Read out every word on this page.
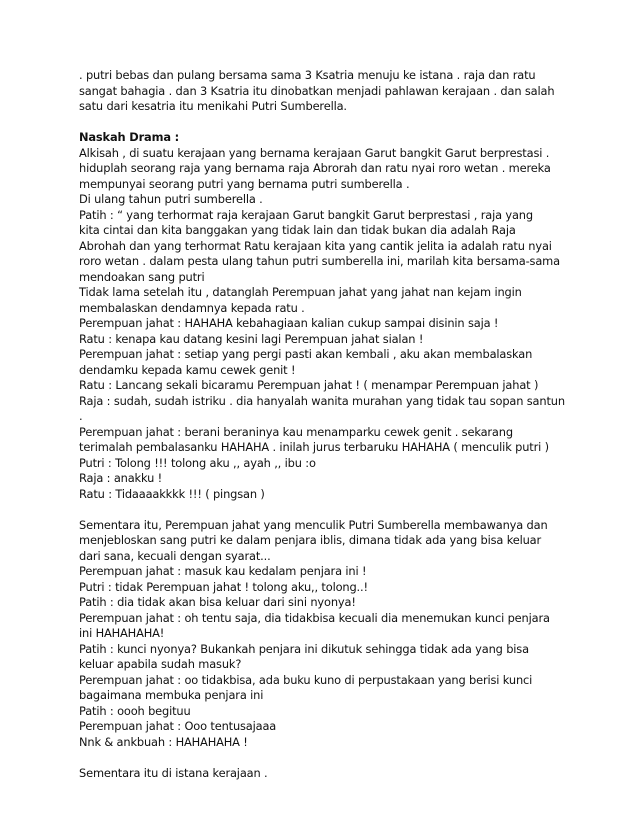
. putri bebas dan pulang bersama sama 3 Ksatria menuju ke istana . raja dan ratu
sangat bahagia . dan 3 Ksatria itu dinobatkan menjadi pahlawan kerajaan . dan salah
satu dari kesatria itu menikahi Putri Sumberella.
Naskah Drama :
Alkisah , di suatu kerajaan yang bernama kerajaan Garut bangkit Garut berprestasi .
hiduplah seorang raja yang bernama raja Abrorah dan ratu nyai roro wetan . mereka
mempunyai seorang putri yang bernama putri sumberella .
Di ulang tahun putri sumberella .
Patih : “ yang terhormat raja kerajaan Garut bangkit Garut berprestasi , raja yang
kita cintai dan kita banggakan yang tidak lain dan tidak bukan dia adalah Raja
Abrohah dan yang terhormat Ratu kerajaan kita yang cantik jelita ia adalah ratu nyai
roro wetan . dalam pesta ulang tahun putri sumberella ini, marilah kita bersama-sama
mendoakan sang putri
Tidak lama setelah itu , datanglah Perempuan jahat yang jahat nan kejam ingin
membalaskan dendamnya kepada ratu .
Perempuan jahat : HAHAHA kebahagiaan kalian cukup sampai disinin saja !
Ratu : kenapa kau datang kesini lagi Perempuan jahat sialan !
Perempuan jahat : setiap yang pergi pasti akan kembali , aku akan membalaskan
dendamku kepada kamu cewek genit !
Ratu : Lancang sekali bicaramu Perempuan jahat ! ( menampar Perempuan jahat )
Raja : sudah, sudah istriku . dia hanyalah wanita murahan yang tidak tau sopan santun
.
Perempuan jahat : berani beraninya kau menamparku cewek genit . sekarang
terimalah pembalasanku HAHAHA . inilah jurus terbaruku HAHAHA ( menculik putri )
Putri : Tolong !!! tolong aku ,, ayah ,, ibu :o
Raja : anakku !
Ratu : Tidaaaakkkk !!! ( pingsan )
Sementara itu, Perempuan jahat yang menculik Putri Sumberella membawanya dan
menjebloskan sang putri ke dalam penjara iblis, dimana tidak ada yang bisa keluar
dari sana, kecuali dengan syarat...
Perempuan jahat : masuk kau kedalam penjara ini !
Putri : tidak Perempuan jahat ! tolong aku,, tolong..!
Patih : dia tidak akan bisa keluar dari sini nyonya!
Perempuan jahat : oh tentu saja, dia tidakbisa kecuali dia menemukan kunci penjara
ini HAHAHAHA!
Patih : kunci nyonya? Bukankah penjara ini dikutuk sehingga tidak ada yang bisa
keluar apabila sudah masuk?
Perempuan jahat : oo tidakbisa, ada buku kuno di perpustakaan yang berisi kunci
bagaimana membuka penjara ini
Patih : oooh begituu
Perempuan jahat : Ooo tentusajaaa
Nnk & ankbuah : HAHAHAHA !
Sementara itu di istana kerajaan .
